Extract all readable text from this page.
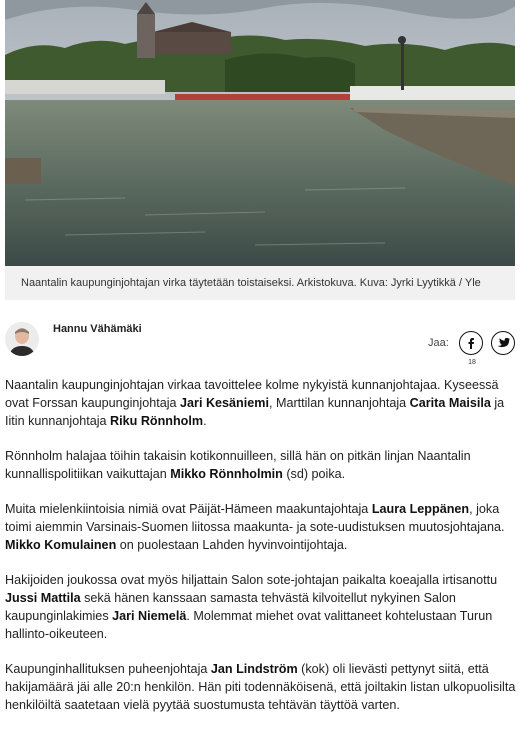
Naantalin kaupunginjohtajan virka täytetään toistaiseksi. Arkistokuva. Kuva: Jyrki Lyytikkä / Yle
Hannu Vähämäki
Jaa:
18

Naantalin kaupunginjohtajan virkaa tavoittelee kolme nykyistä kunnanjohtajaa. Kyseessä ovat Forssan kaupunginjohtaja Jari Kesäniemi, Marttilan kunnanjohtaja Carita Maisila ja Iitin kunnanjohtaja Riku Rönnholm.

Rönnholm halajaa töihin takaisin kotikonnuilleen, sillä hän on pitkän linjan Naantalin kunnallispolitiikan vaikuttajan Mikko Rönnholmin (sd) poika.

Muita mielenkiintoisia nimiä ovat Päijät-Hämeen maakuntajohtaja Laura Leppänen, joka toimi aiemmin Varsinais-Suomen liitossa maakunta- ja sote-uudistuksen muutosjohtajana. Mikko Komulainen on puolestaan Lahden hyvinvointijohtaja.

Hakijoiden joukossa ovat myös hiljattain Salon sote-johtajan paikalta koeajalla irtisanottu Jussi Mattila sekä hänen kanssaan samasta tehvästä kilvoitellut nykyinen Salon kaupunginlakimies Jari Niemelä. Molemmat miehet ovat valittaneet kohtelustaan Turun hallinto-oikeuteen.

Kaupunginhallituksen puheenjohtaja Jan Lindström (kok) oli lievästi pettynyt siitä, että hakijamäärä jäi alle 20:n henkilön. Hän piti todennäköisenä, että joiltakin listan ulkopuolisilta henkilöiltä saatetaan vielä pyytää suostumusta tehtävän täyttöä varten.
